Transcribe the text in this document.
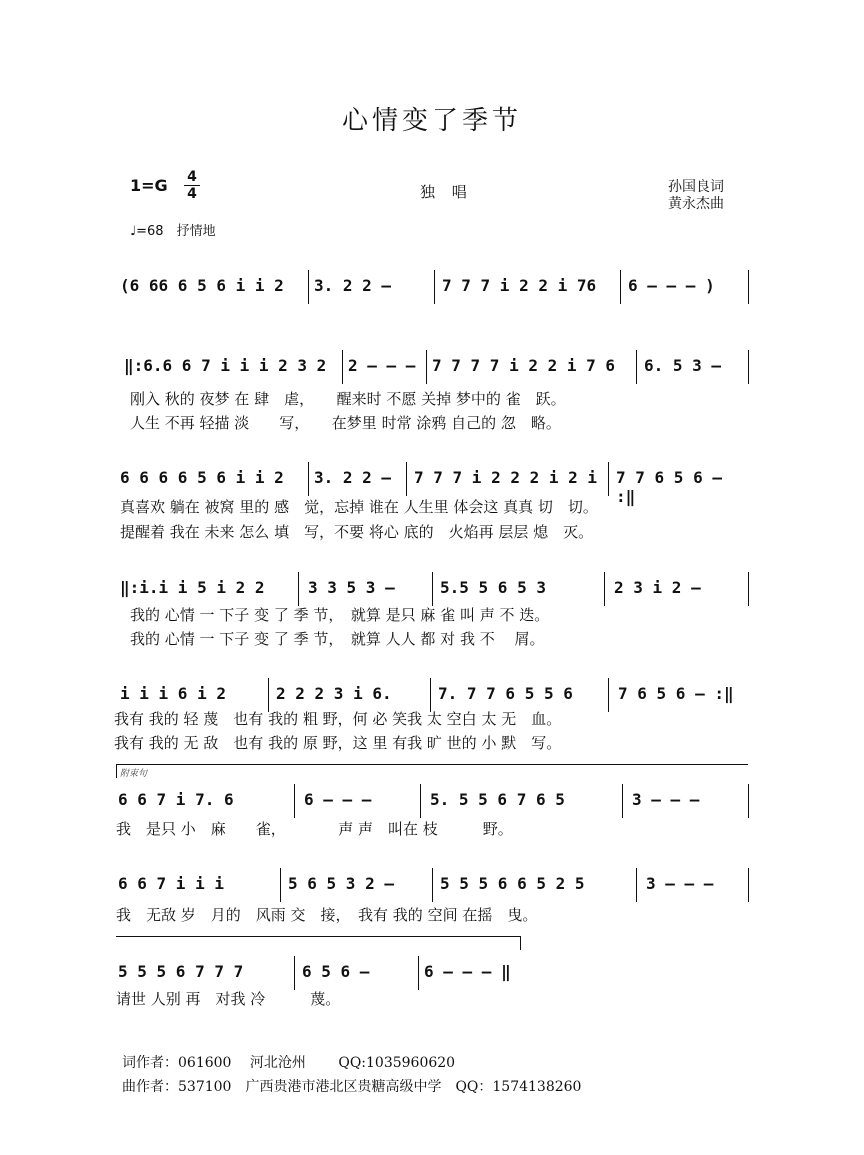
心情变了季节
1=G 4
4	独 唱	孙国良词
黄永杰曲
♩=68　抒情地
(6 66 6 5 6 i i 2 3. 2 2 –	7 7 7 i 2 2 i 76 6 – – – )
‖:6.6 6 7 i i i 2 3 2 2 – – – 7 7 7 7 i 2 2 i 7 6 6. 5 3 –
刚入 秋的 夜梦 在 肆　虐，　　醒来时 不愿 关掉 梦中的 雀　跃。
人生 不再 轻描 淡　　写，　　在梦里 时常 涂鸦 自己的 忽　略。
6 6 6 6 5 6 i i 2 3. 2 2 – 7 7 7 i 2 2 2 i 2 i 7 7 6 5 6 – :‖
真喜欢 躺在 被窝 里的 感　觉，忘掉 谁在 人生里 体会这 真真 切　切。
提醒着 我在 未来 怎么 填　写，不要 将心 底的　火焰再 层层 熄　灭。
‖:i.i i 5 i 2 2	3 3 5 3 –	5.5 5 6 5 3	2 3 i 2 –
我的 心情 一 下子 变 了 季 节，　就算 是只 麻 雀 叫 声 不 迭。
我的 心情 一 下子 变 了 季 节，　就算 人人 都 对 我 不　 屑。
i i i 6 i 2	2 2 2 3 i 6.	7. 7 7 6 5 5 6	7 6 5 6 – :‖
我有 我的 轻 蔑　也有 我的 粗 野，何 必 笑我 太 空白 太 无　血。
我有 我的 无 敌　也有 我的 原 野，这 里 有我 旷 世的 小 默　写。
附束句
6 6 7 i 7. 6	6 – – –	5. 5 5 6 7 6 5	3 – – –
我　是只 小　麻　　雀，　　　　声 声　叫在 枝　　　野。
6 6 7 i i i	5 6 5 3 2 –	5 5 5 6 6 5 2 5	3 – – –
我　无敌 岁　月的　风雨 交　接，　我有 我的 空间 在摇　曳。
5 5 5 6 7 7 7	6 5 6 –	6 – – – ‖
请世 人别 再　对我 冷　　　蔑。
词作者：061600　 河北沧州　　 QQ:1035960620
曲作者：537100　广西贵港市港北区贵糖高级中学　QQ：1574138260
